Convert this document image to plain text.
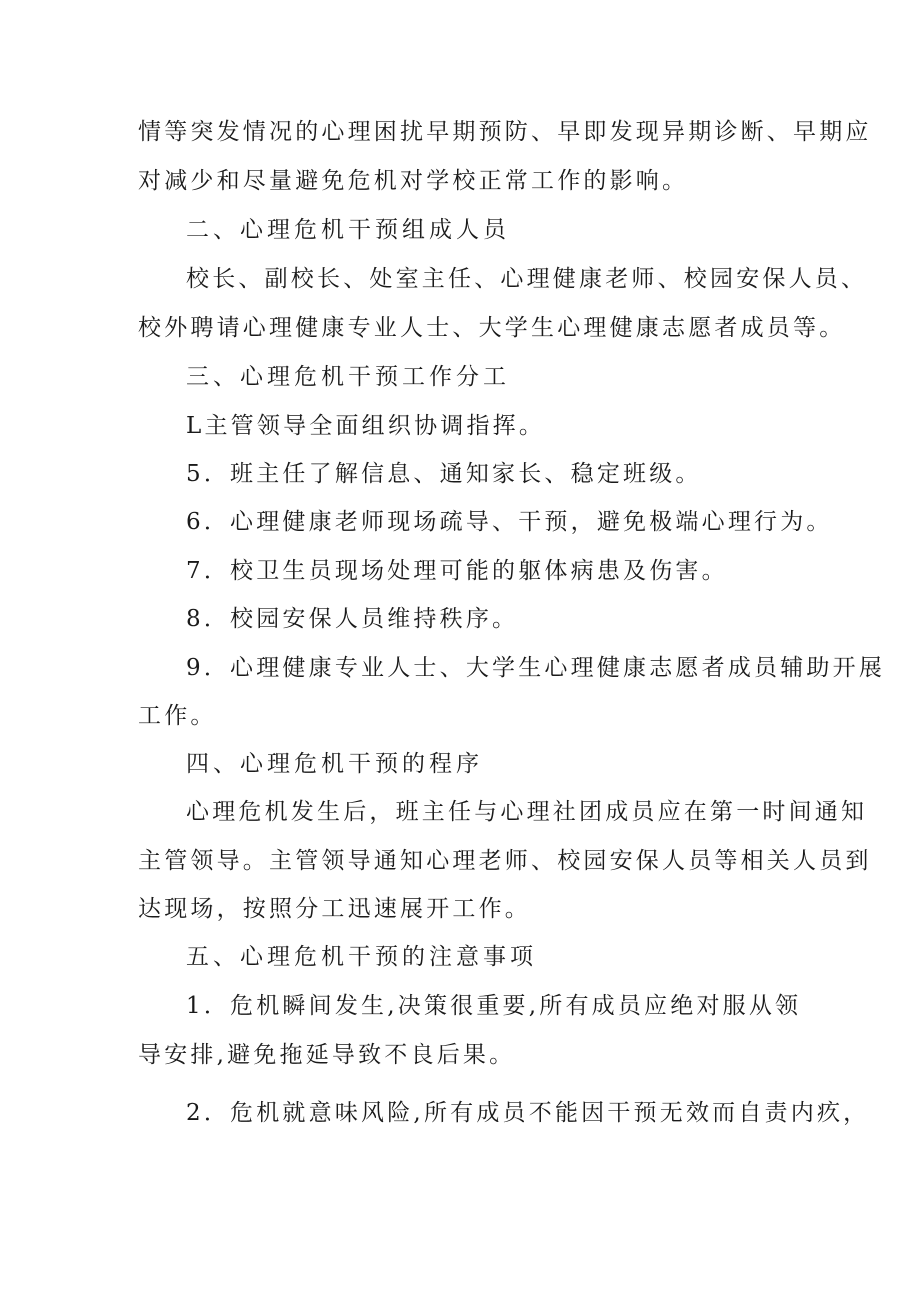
情等突发情况的心理困扰早期预防、早即发现异期诊断、早期应
对减少和尽量避免危机对学校正常工作的影响。
二、心理危机干预组成人员
校长、副校长、处室主任、心理健康老师、校园安保人员、
校外聘请心理健康专业人士、大学生心理健康志愿者成员等。
三、心理危机干预工作分工
L主管领导全面组织协调指挥。
5．班主任了解信息、通知家长、稳定班级。
6．心理健康老师现场疏导、干预，避免极端心理行为。
7．校卫生员现场处理可能的躯体病患及伤害。
8．校园安保人员维持秩序。
9．心理健康专业人士、大学生心理健康志愿者成员辅助开展
工作。
四、心理危机干预的程序
心理危机发生后，班主任与心理社团成员应在第一时间通知
主管领导。主管领导通知心理老师、校园安保人员等相关人员到
达现场，按照分工迅速展开工作。
五、心理危机干预的注意事项
1．危机瞬间发生,决策很重要,所有成员应绝对服从领
导安排,避免拖延导致不良后果。
2．危机就意味风险,所有成员不能因干预无效而自责内疚，
